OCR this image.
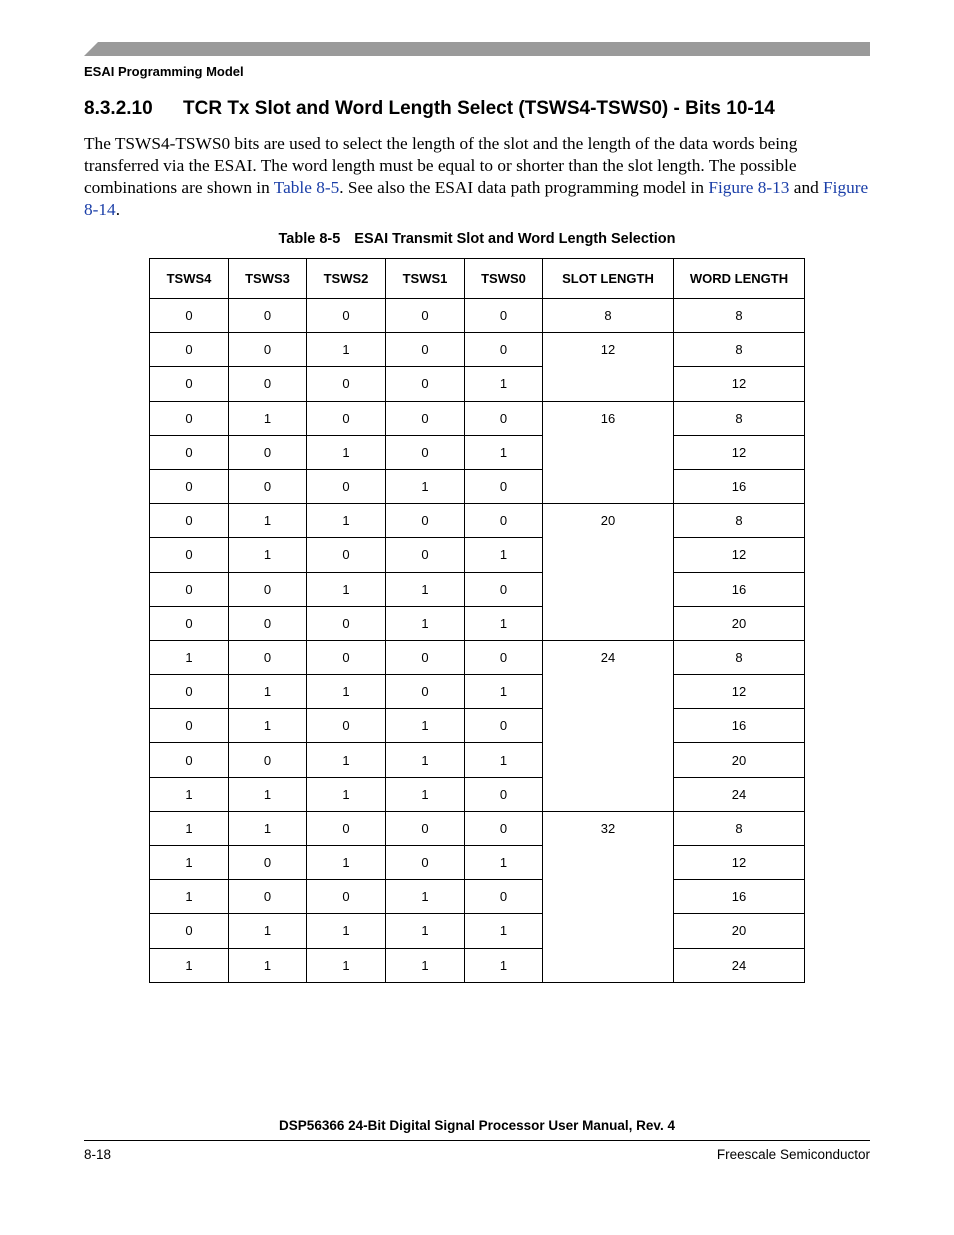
ESAI Programming Model
8.3.2.10 TCR Tx Slot and Word Length Select (TSWS4-TSWS0) - Bits 10-14
The TSWS4-TSWS0 bits are used to select the length of the slot and the length of the data words being transferred via the ESAI. The word length must be equal to or shorter than the slot length. The possible combinations are shown in Table 8-5. See also the ESAI data path programming model in Figure 8-13 and Figure 8-14.
Table 8-5 ESAI Transmit Slot and Word Length Selection
TSWS4	TSWS3	TSWS2	TSWS1	TSWS0	SLOT LENGTH	WORD LENGTH
0	0	0	0	0	8	8
0	0	1	0	0	12	8
0	0	0	0	1		12
0	1	0	0	0	16	8
0	0	1	0	1		12
0	0	0	1	0		16
0	1	1	0	0	20	8
0	1	0	0	1		12
0	0	1	1	0		16
0	0	0	1	1		20
1	0	0	0	0	24	8
0	1	1	0	1		12
0	1	0	1	0		16
0	0	1	1	1		20
1	1	1	1	0		24
1	1	0	0	0	32	8
1	0	1	0	1		12
1	0	0	1	0		16
0	1	1	1	1		20
1	1	1	1	1		24
DSP56366 24-Bit Digital Signal Processor User Manual, Rev. 4
8-18	Freescale Semiconductor
